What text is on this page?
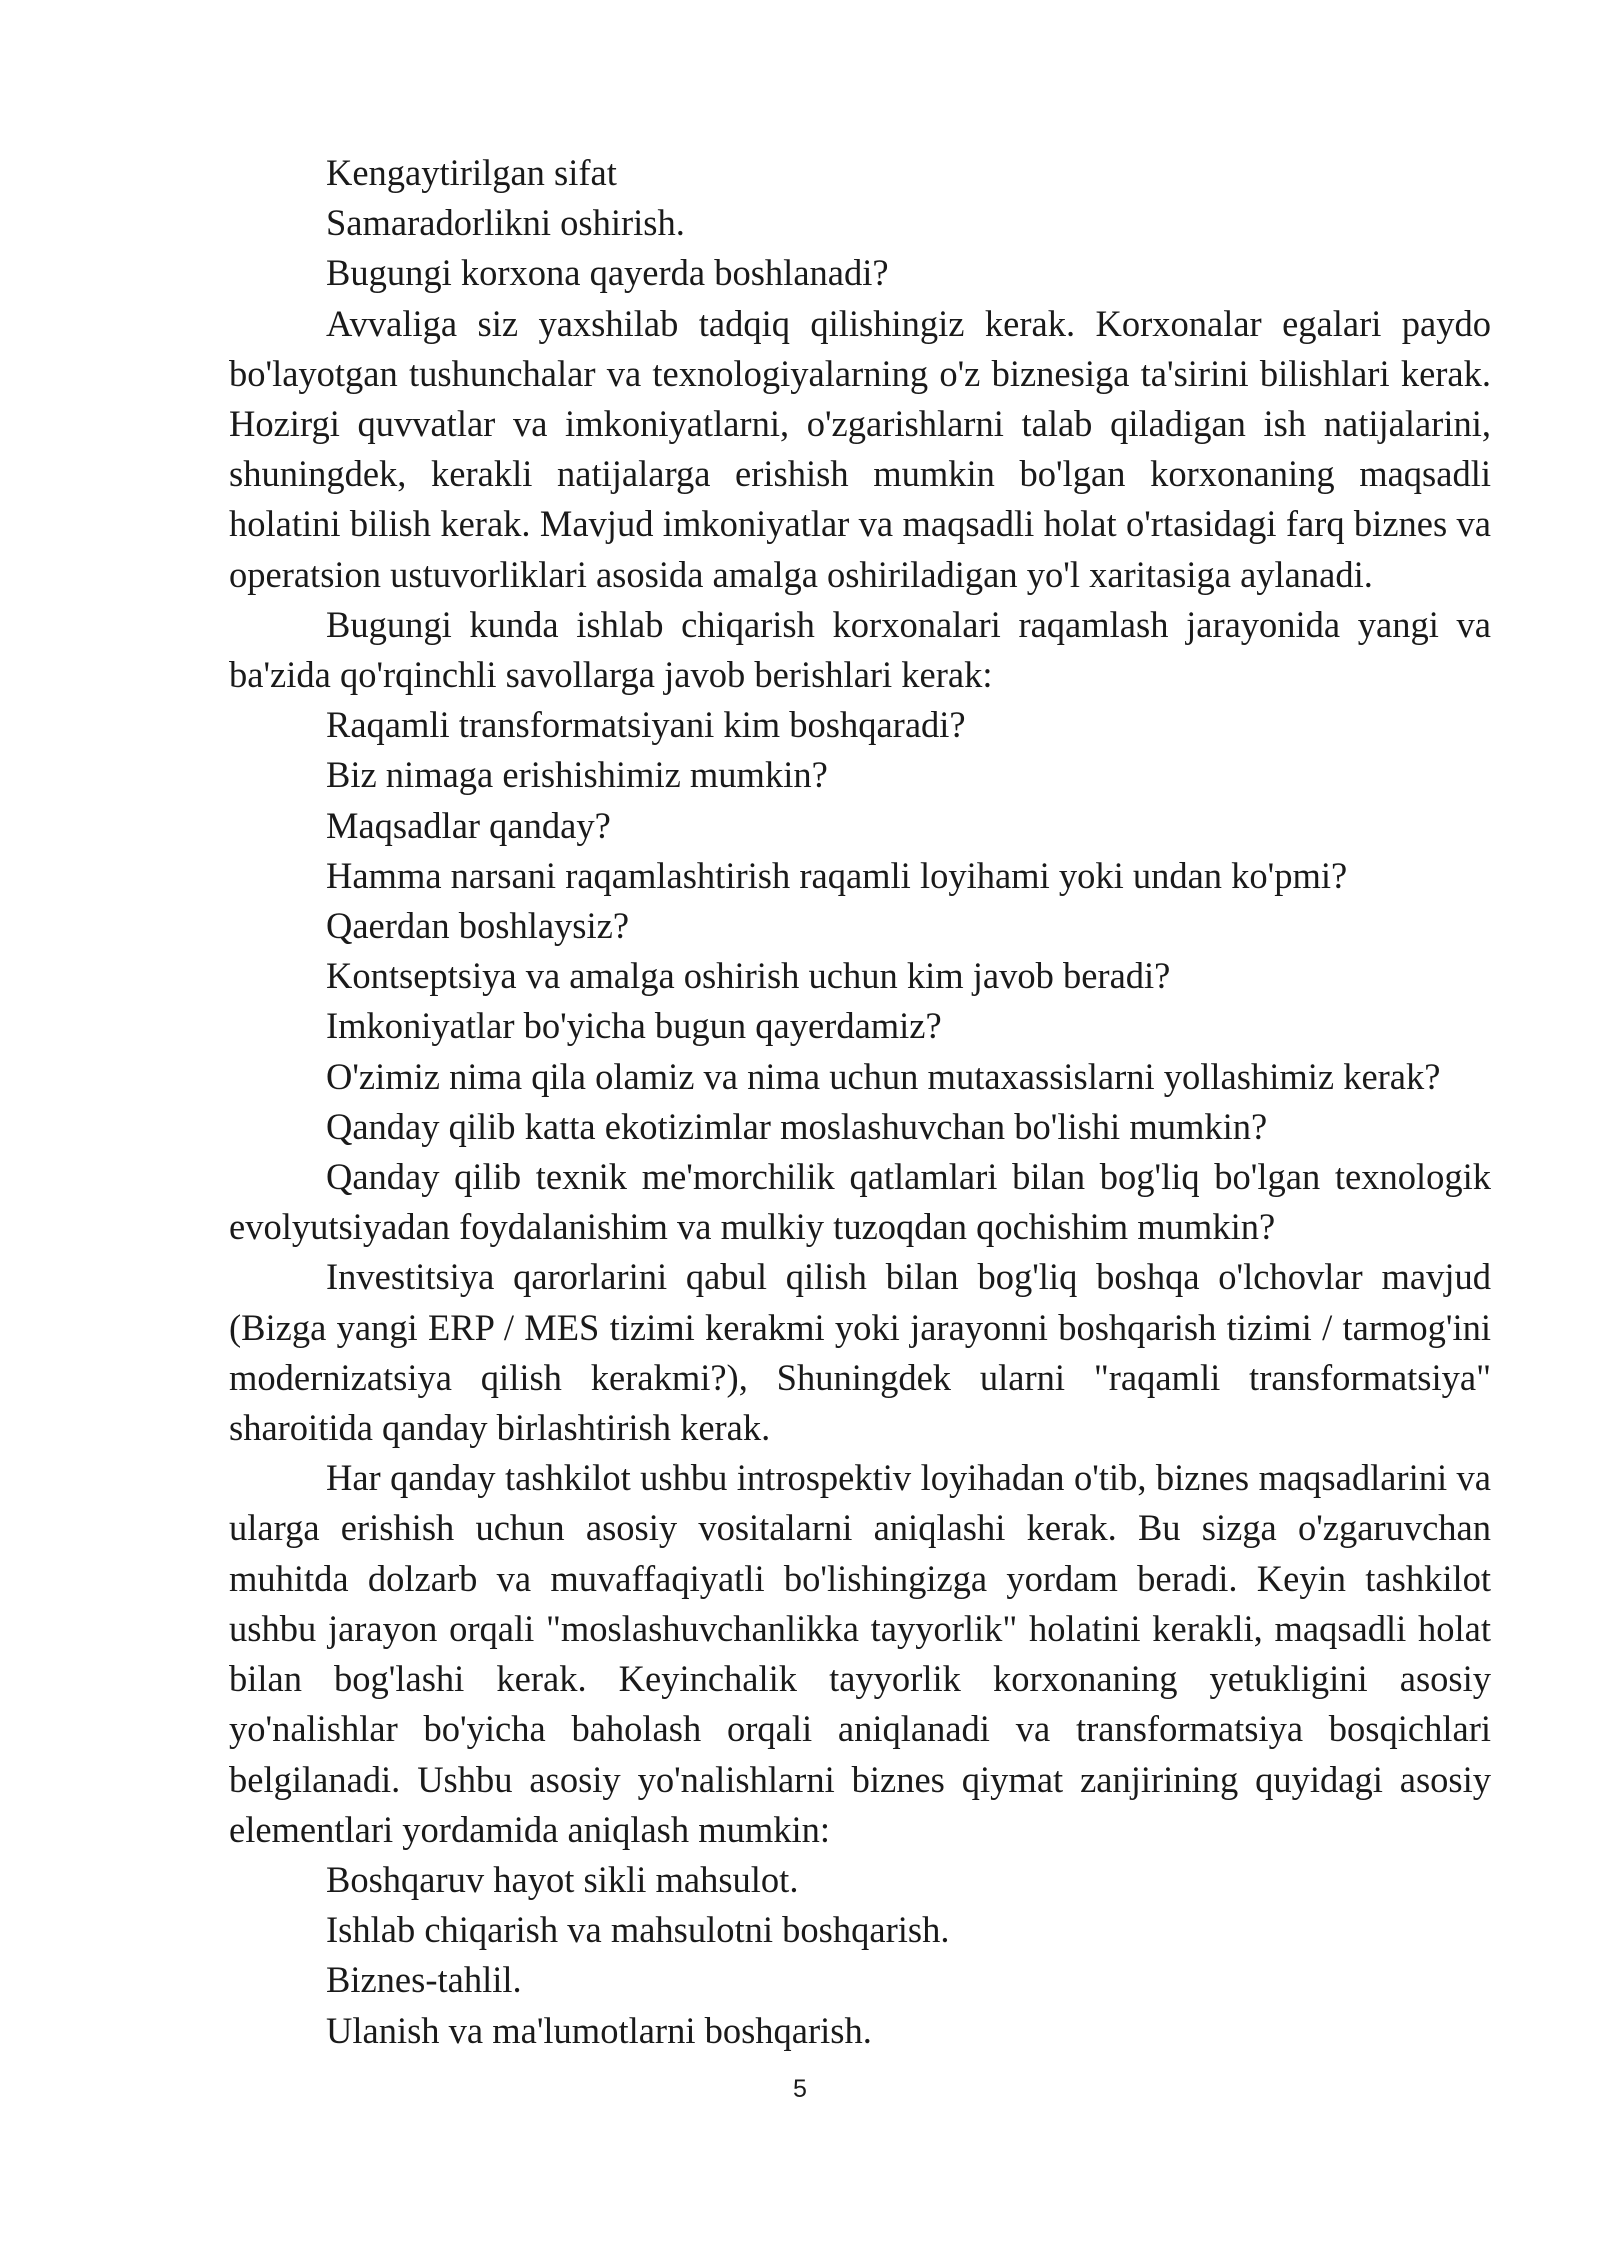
Kengaytirilgan sifat

Samaradorlikni oshirish.

Bugungi korxona qayerda boshlanadi?

Avvaliga siz yaxshilab tadqiq qilishingiz kerak. Korxonalar egalari paydo bo'layotgan tushunchalar va texnologiyalarning o'z biznesiga ta'sirini bilishlari kerak. Hozirgi quvvatlar va imkoniyatlarni, o'zgarishlarni talab qiladigan ish natijalarini, shuningdek, kerakli natijalarga erishish mumkin bo'lgan korxonaning maqsadli holatini bilish kerak. Mavjud imkoniyatlar va maqsadli holat o'rtasidagi farq biznes va operatsion ustuvorliklari asosida amalga oshiriladigan yo'l xaritasiga aylanadi.

Bugungi kunda ishlab chiqarish korxonalari raqamlash jarayonida yangi va ba'zida qo'rqinchli savollarga javob berishlari kerak:

Raqamli transformatsiyani kim boshqaradi?

Biz nimaga erishishimiz mumkin?

Maqsadlar qanday?

Hamma narsani raqamlashtirish raqamli loyihami yoki undan ko'pmi?

Qaerdan boshlaysiz?

Kontseptsiya va amalga oshirish uchun kim javob beradi?

Imkoniyatlar bo'yicha bugun qayerdamiz?

O'zimiz nima qila olamiz va nima uchun mutaxassislarni yollashimiz kerak?

Qanday qilib katta ekotizimlar moslashuvchan bo'lishi mumkin?

Qanday qilib texnik me'morchilik qatlamlari bilan bog'liq bo'lgan texnologik evolyutsiyadan foydalanishim va mulkiy tuzoqdan qochishim mumkin?

Investitsiya qarorlarini qabul qilish bilan bog'liq boshqa o'lchovlar mavjud (Bizga yangi ERP / MES tizimi kerakmi yoki jarayonni boshqarish tizimi / tarmog'ini modernizatsiya qilish kerakmi?), Shuningdek ularni "raqamli transformatsiya" sharoitida qanday birlashtirish kerak.

Har qanday tashkilot ushbu introspektiv loyihadan o'tib, biznes maqsadlarini va ularga erishish uchun asosiy vositalarni aniqlashi kerak. Bu sizga o'zgaruvchan muhitda dolzarb va muvaffaqiyatli bo'lishingizga yordam beradi. Keyin tashkilot ushbu jarayon orqali "moslashuvchanlikka tayyorlik" holatini kerakli, maqsadli holat bilan bog'lashi kerak. Keyinchalik tayyorlik korxonaning yetukligini asosiy yo'nalishlar bo'yicha baholash orqali aniqlanadi va transformatsiya bosqichlari belgilanadi. Ushbu asosiy yo'nalishlarni biznes qiymat zanjirining quyidagi asosiy elementlari yordamida aniqlash mumkin:

Boshqaruv hayot sikli mahsulot.

Ishlab chiqarish va mahsulotni boshqarish.

Biznes-tahlil.

Ulanish va ma'lumotlarni boshqarish.

5
